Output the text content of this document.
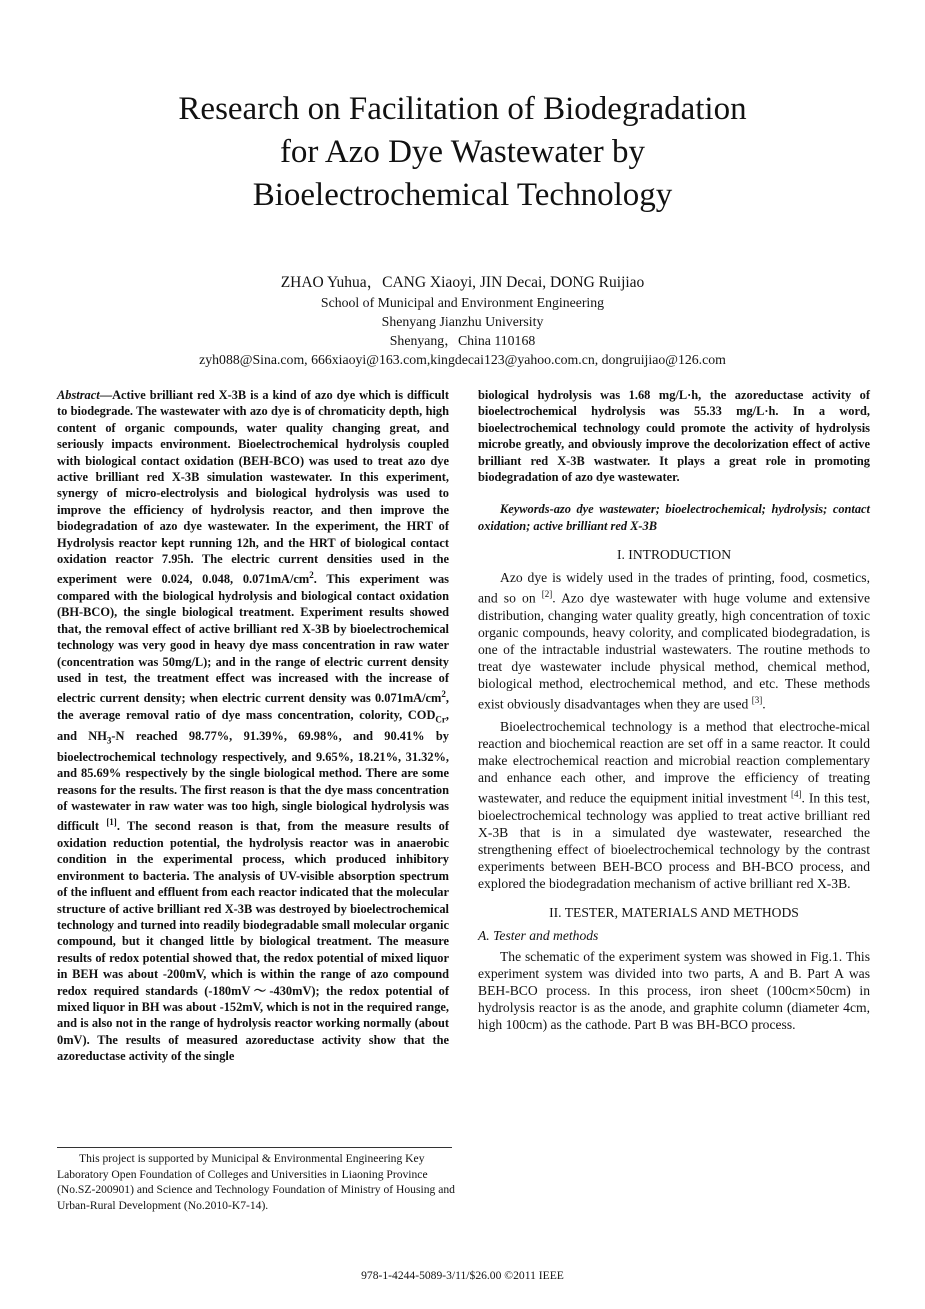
Research on Facilitation of Biodegradation
for Azo Dye Wastewater by
Bioelectrochemical Technology
ZHAO Yuhua，CANG Xiaoyi, JIN Decai, DONG Ruijiao
School of Municipal and Environment Engineering
Shenyang Jianzhu University
Shenyang，China 110168
zyh088@Sina.com, 666xiaoyi@163.com,kingdecai123@yahoo.com.cn, dongruijiao@126.com
Abstract—Active brilliant red X-3B is a kind of azo dye which is difficult to biodegrade. The wastewater with azo dye is of chromaticity depth, high content of organic compounds, water quality changing great, and seriously impacts environment. Bioelectrochemical hydrolysis coupled with biological contact oxidation (BEH-BCO) was used to treat azo dye active brilliant red X-3B simulation wastewater. In this experiment, synergy of micro-electrolysis and biological hydrolysis was used to improve the efficiency of hydrolysis reactor, and then improve the biodegradation of azo dye wastewater. In the experiment, the HRT of Hydrolysis reactor kept running 12h, and the HRT of biological contact oxidation reactor 7.95h. The electric current densities used in the experiment were 0.024, 0.048, $0.071mA/cm^2$. This experiment was compared with the biological hydrolysis and biological contact oxidation (BH-BCO), the single biological treatment. Experiment results showed that, the removal effect of active brilliant red X-3B by bioelectrochemical technology was very good in heavy dye mass concentration in raw water (concentration was 50mg/L); and in the range of electric current density used in test, the treatment effect was increased with the increase of electric current density; when electric current density was $0.071mA/cm^2$, the average removal ratio of dye mass concentration, colority, $COD_{Cr}$, and $NH_3-N$ reached 98.77%, 91.39%, 69.98%, and 90.41% by bioelectrochemical technology respectively, and 9.65%, 18.21%, 31.32%, and 85.69% respectively by the single biological method. There are some reasons for the results. The first reason is that the dye mass concentration of wastewater in raw water was too high, single biological hydrolysis was difficult [1]. The second reason is that, from the measure results of oxidation reduction potential, the hydrolysis reactor was in anaerobic condition in the experimental process, which produced inhibitory environment to bacteria. The analysis of UV-visible absorption spectrum of the influent and effluent from each reactor indicated that the molecular structure of active brilliant red X-3B was destroyed by bioelectrochemical technology and turned into readily biodegradable small molecular organic compound, but it changed little by biological treatment. The measure results of redox potential showed that, the redox potential of mixed liquor in BEH was about -200mV, which is within the range of azo compound redox required standards (-180mV～-430mV); the redox potential of mixed liquor in BH was about -152mV, which is not in the required range, and is also not in the range of hydrolysis reactor working normally (about 0mV). The results of measured azoreductase activity show that the azoreductase activity of the single
biological hydrolysis was 1.68 mg/L·h, the azoreductase activity of bioelectrochemical hydrolysis was 55.33 mg/L·h. In a word, bioelectrochemical technology could promote the activity of hydrolysis microbe greatly, and obviously improve the decolorization effect of active brilliant red X-3B wastwater. It plays a great role in promoting biodegradation of azo dye wastewater.
Keywords-azo dye wastewater; bioelectrochemical; hydrolysis; contact oxidation; active brilliant red X-3B
I. INTRODUCTION

Azo dye is widely used in the trades of printing, food, cosmetics, and so on [2]. Azo dye wastewater with huge volume and extensive distribution, changing water quality greatly, high concentration of toxic organic compounds, heavy colority, and complicated biodegradation, is one of the intractable industrial wastewaters. The routine methods to treat dye wastewater include physical method, chemical method, biological method, electrochemical method, and etc. These methods exist obviously disadvantages when they are used [3].

Bioelectrochemical technology is a method that electroche-mical reaction and biochemical reaction are set off in a same reactor. It could make electrochemical reaction and microbial reaction complementary and enhance each other, and improve the efficiency of treating wastewater, and reduce the equipment initial investment [4]. In this test, bioelectrochemical technology was applied to treat active brilliant red X-3B that is in a simulated dye wastewater, researched the strengthening effect of bioelectrochemical technology by the contrast experiments between BEH-BCO process and BH-BCO process, and explored the biodegradation mechanism of active brilliant red X-3B.

II. TESTER, MATERIALS AND METHODS
A. Tester and methods

The schematic of the experiment system was showed in Fig.1. This experiment system was divided into two parts, A and B. Part A was BEH-BCO process. In this process, iron sheet (100cm×50cm) in hydrolysis reactor is as the anode, and graphite column (diameter 4cm, high 100cm) as the cathode. Part B was BH-BCO process.

This project is supported by Municipal & Environmental Engineering Key Laboratory Open Foundation of Colleges and Universities in Liaoning Province (No.SZ-200901) and Science and Technology Foundation of Ministry of Housing and Urban-Rural Development (No.2010-K7-14).
978-1-4244-5089-3/11/$26.00 ©2011 IEEE
